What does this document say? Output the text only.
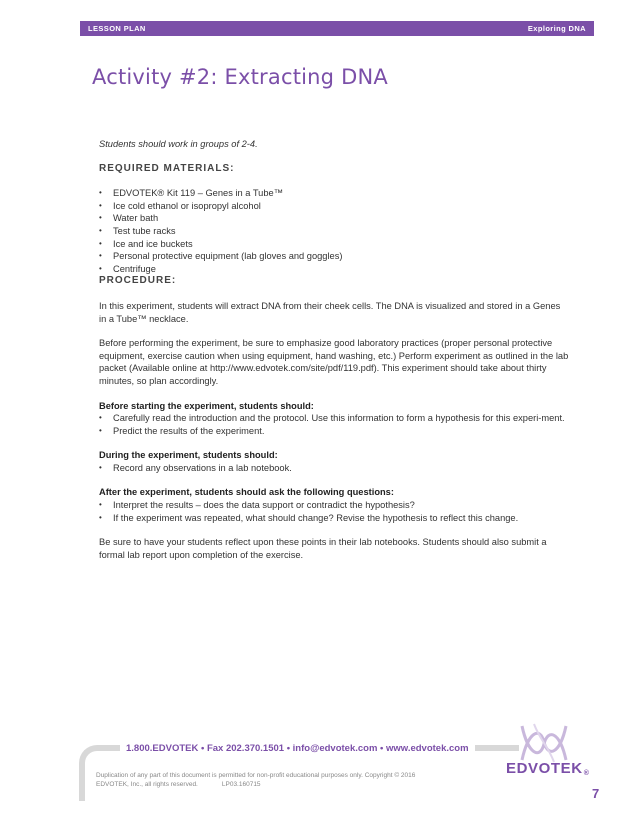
LESSON PLAN	Exploring DNA
Activity #2: Extracting DNA

Students should work in groups of 2-4.

REQUIRED MATERIALS:
• EDVOTEK® Kit 119 – Genes in a Tube™
• Ice cold ethanol or isopropyl alcohol
• Water bath
• Test tube racks
• Ice and ice buckets
• Personal protective equipment (lab gloves and goggles)
• Centrifuge
PROCEDURE:

In this experiment, students will extract DNA from their cheek cells. The DNA is visualized and stored in a Genes in a Tube™ necklace.

Before performing the experiment, be sure to emphasize good laboratory practices (proper personal protective equipment, exercise caution when using equipment, hand washing, etc.) Perform experiment as outlined in the lab packet (Available online at http://www.edvotek.com/site/pdf/119.pdf). This experiment should take about thirty minutes, so plan accordingly.

Before starting the experiment, students should:

• Carefully read the introduction and the protocol. Use this information to form a hypothesis for this experi-ment.
• Predict the results of the experiment.

During the experiment, students should:

• Record any observations in a lab notebook.

After the experiment, students should ask the following questions:

• Interpret the results – does the data support or contradict the hypothesis?
• If the experiment was repeated, what should change? Revise the hypothesis to reflect this change.

Be sure to have your students reflect upon these points in their lab notebooks. Students should also submit a formal lab report upon completion of the exercise.

1.800.EDVOTEK • Fax 202.370.1501 • info@edvotek.com • www.edvotek.com
Duplication of any part of this document is permitted for non-profit educational purposes only. Copyright © 2016
EDVOTEK, Inc., all rights reserved.	LP03.160715
EDVOTEK®
7
